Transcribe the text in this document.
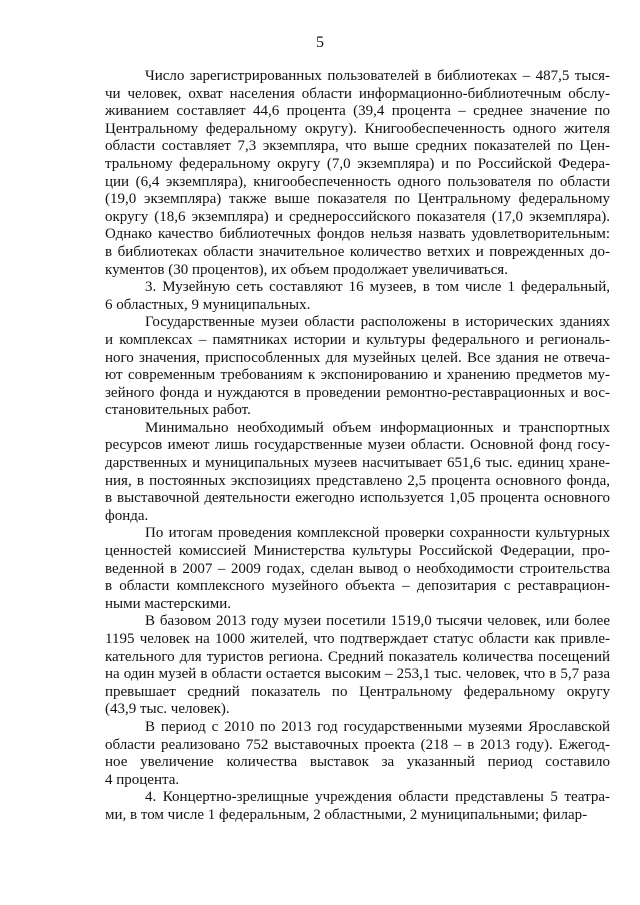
5
Число зарегистрированных пользователей в библиотеках – 487,5 тыся-
чи человек, охват населения области информационно-библиотечным обслу-
живанием составляет 44,6 процента (39,4 процента – среднее значение по
Центральному федеральному округу). Книгообеспеченность одного жителя
области составляет 7,3 экземпляра, что выше средних показателей по Цен-
тральному федеральному округу (7,0 экземпляра) и по Российской Федера-
ции (6,4 экземпляра), книгообеспеченность одного пользователя по области
(19,0 экземпляра) также выше показателя по Центральному федеральному
округу (18,6 экземпляра) и среднероссийского показателя (17,0 экземпляра).
Однако качество библиотечных фондов нельзя назвать удовлетворительным:
в библиотеках области значительное количество ветхих и поврежденных до-
кументов (30 процентов), их объем продолжает увеличиваться.
3. Музейную сеть составляют 16 музеев, в том числе 1 федеральный,
6 областных, 9 муниципальных.
Государственные музеи области расположены в исторических зданиях
и комплексах – памятниках истории и культуры федерального и региональ-
ного значения, приспособленных для музейных целей. Все здания не отвеча-
ют современным требованиям к экспонированию и хранению предметов му-
зейного фонда и нуждаются в проведении ремонтно-реставрационных и вос-
становительных работ.
Минимально необходимый объем информационных и транспортных
ресурсов имеют лишь государственные музеи области. Основной фонд госу-
дарственных и муниципальных музеев насчитывает 651,6 тыс. единиц хране-
ния, в постоянных экспозициях представлено 2,5 процента основного фонда,
в выставочной деятельности ежегодно используется 1,05 процента основного
фонда.
По итогам проведения комплексной проверки сохранности культурных
ценностей комиссией Министерства культуры Российской Федерации, про-
веденной в 2007 – 2009 годах, сделан вывод о необходимости строительства
в области комплексного музейного объекта – депозитария с реставрацион-
ными мастерскими.
В базовом 2013 году музеи посетили 1519,0 тысячи человек, или более
1195 человек на 1000 жителей, что подтверждает статус области как привле-
кательного для туристов региона. Средний показатель количества посещений
на один музей в области остается высоким – 253,1 тыс. человек, что в 5,7 раза
превышает средний показатель по Центральному федеральному округу
(43,9 тыс. человек).
В период с 2010 по 2013 год государственными музеями Ярославской
области реализовано 752 выставочных проекта (218 – в 2013 году). Ежегод-
ное увеличение количества выставок за указанный период составило
4 процента.
4. Концертно-зрелищные учреждения области представлены 5 театра-
ми, в том числе 1 федеральным, 2 областными, 2 муниципальными; филар-
